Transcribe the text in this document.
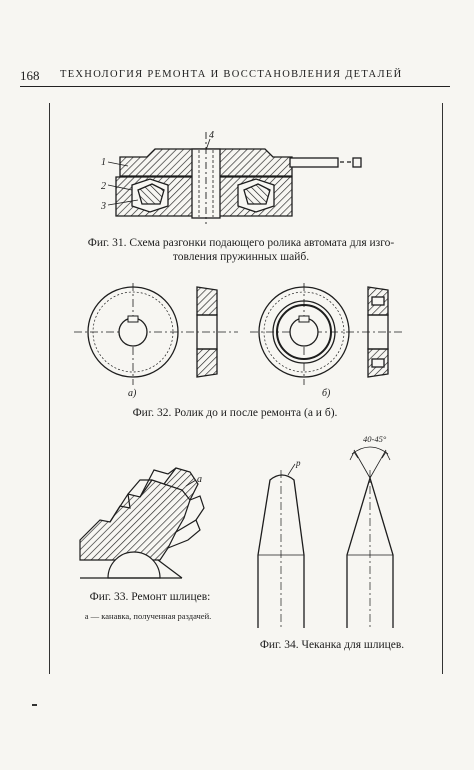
168 ТЕХНОЛОГИЯ РЕМОНТА И ВОССТАНОВЛЕНИЯ ДЕТАЛЕЙ
1
2
3
4
а)	б)
а
р
40-45°
Фиг. 31. Схема разгонки подающего ролика автомата для изго-
товления пружинных шайб.
Фиг. 32. Ролик до и после ремонта (а и б).
Фиг. 33. Ремонт шлицев:
а — канавка, полученная раздачей.
Фиг. 34. Чеканка для шлицев.
